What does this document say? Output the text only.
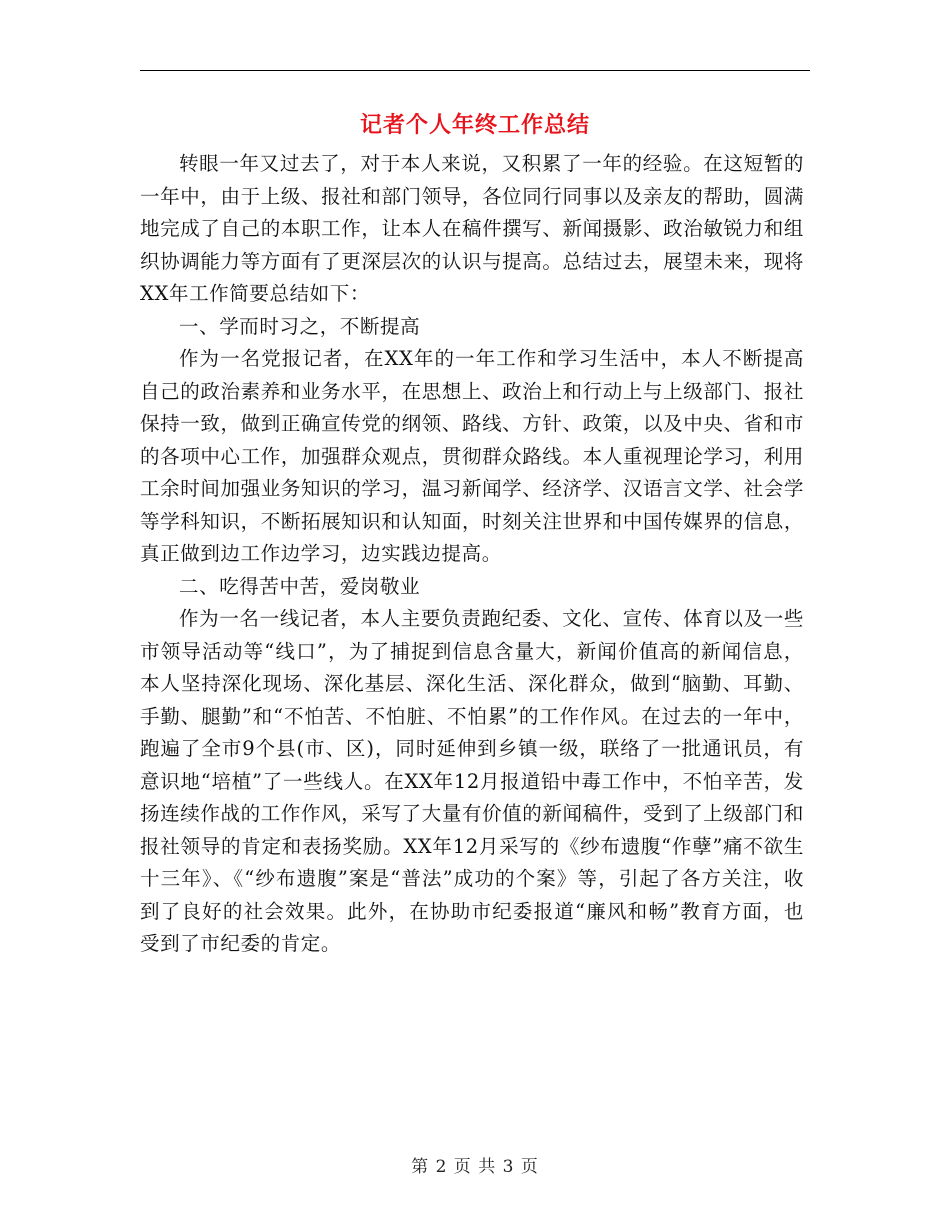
记者个人年终工作总结

转眼一年又过去了，对于本人来说，又积累了一年的经验。在这短暂的一年中，由于上级、报社和部门领导，各位同行同事以及亲友的帮助，圆满地完成了自己的本职工作，让本人在稿件撰写、新闻摄影、政治敏锐力和组织协调能力等方面有了更深层次的认识与提高。总结过去，展望未来，现将XX年工作简要总结如下：

一、学而时习之，不断提高

作为一名党报记者，在XX年的一年工作和学习生活中，本人不断提高自己的政治素养和业务水平，在思想上、政治上和行动上与上级部门、报社保持一致，做到正确宣传党的纲领、路线、方针、政策，以及中央、省和市的各项中心工作，加强群众观点，贯彻群众路线。本人重视理论学习，利用工余时间加强业务知识的学习，温习新闻学、经济学、汉语言文学、社会学等学科知识，不断拓展知识和认知面，时刻关注世界和中国传媒界的信息，真正做到边工作边学习，边实践边提高。

二、吃得苦中苦，爱岗敬业

作为一名一线记者，本人主要负责跑纪委、文化、宣传、体育以及一些市领导活动等“线口”，为了捕捉到信息含量大，新闻价值高的新闻信息，本人坚持深化现场、深化基层、深化生活、深化群众，做到“脑勤、耳勤、手勤、腿勤”和“不怕苦、不怕脏、不怕累”的工作作风。在过去的一年中，跑遍了全市9个县(市、区)，同时延伸到乡镇一级，联络了一批通讯员，有意识地“培植”了一些线人。在XX年12月报道铅中毒工作中，不怕辛苦，发扬连续作战的工作作风，采写了大量有价值的新闻稿件，受到了上级部门和报社领导的肯定和表扬奖励。XX年12月采写的《纱布遗腹“作孽”痛不欲生十三年》、《“纱布遗腹”案是“普法”成功的个案》等，引起了各方关注，收到了良好的社会效果。此外，在协助市纪委报道“廉风和畅”教育方面，也受到了市纪委的肯定。

第 2 页 共 3 页
